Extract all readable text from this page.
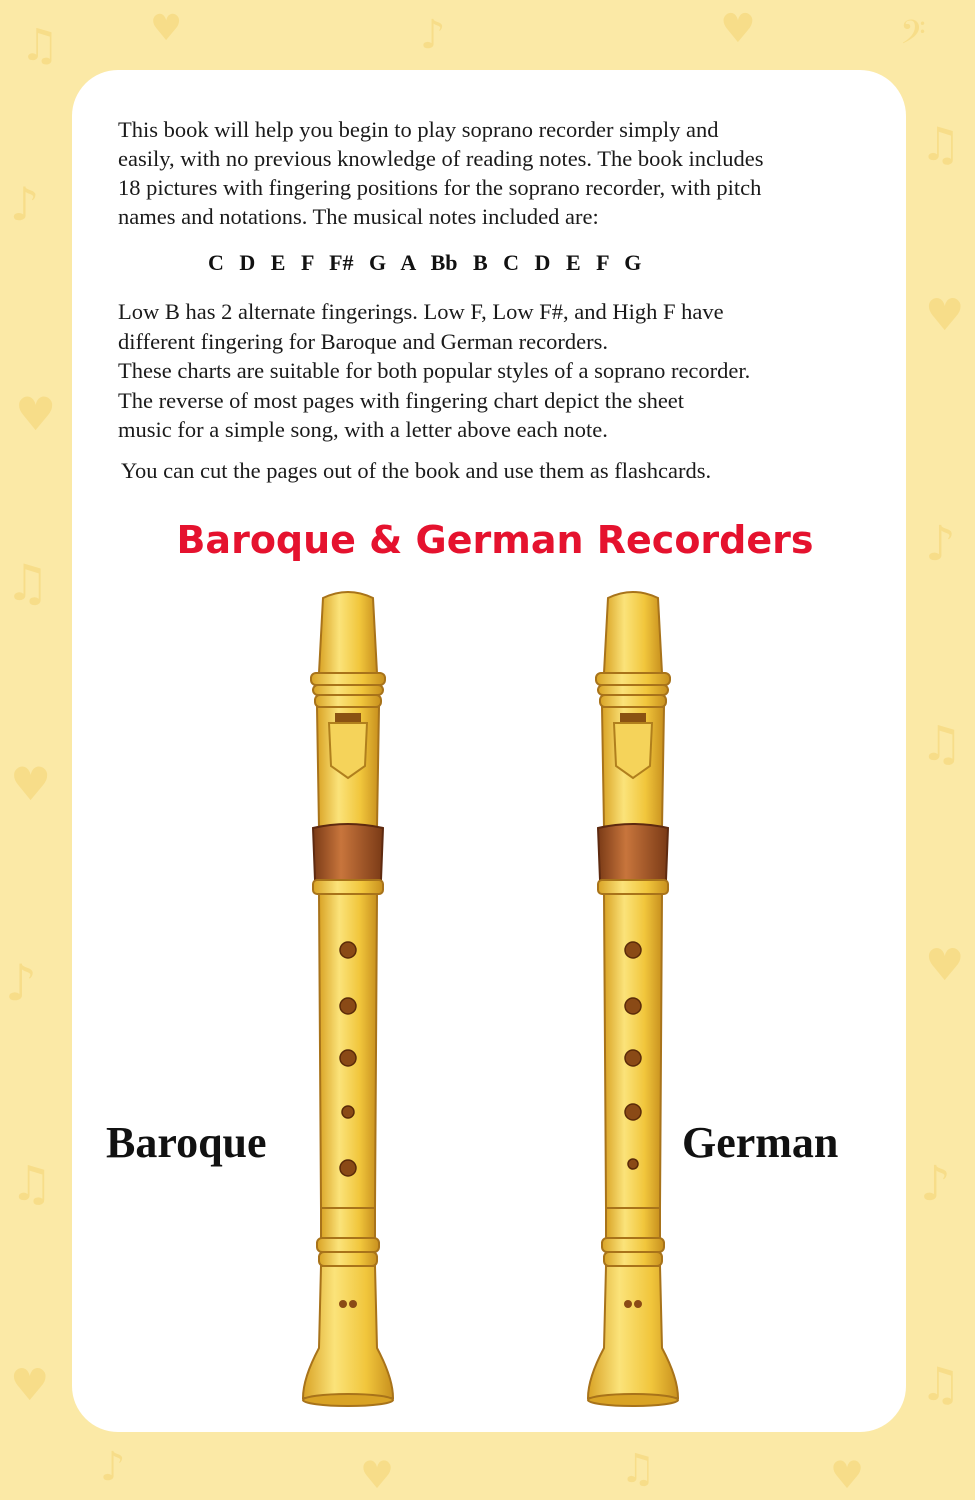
♫	♥	♪	♥	𝄢
♪
♫
♥
♥
♫
♪
♥
♫
♪	♥
♫	♪
♥	♫
♪	♥	♫	♥

This book will help you begin to play soprano recorder simply and

easily, with no previous knowledge of reading notes. The book includes

18 pictures with fingering positions for the soprano recorder, with pitch

names and notations. The musical notes included are:

C D E F F# G A Bb B C D E F G

Low B has 2 alternate fingerings. Low F, Low F#, and High F have

different fingering for Baroque and German recorders.

These charts are suitable for both popular styles of a soprano recorder.

The reverse of most pages with fingering chart depict the sheet

music for a simple song, with a letter above each note.

You can cut the pages out of the book and use them as flashcards.
Baroque & German Recorders
Baroque	German
